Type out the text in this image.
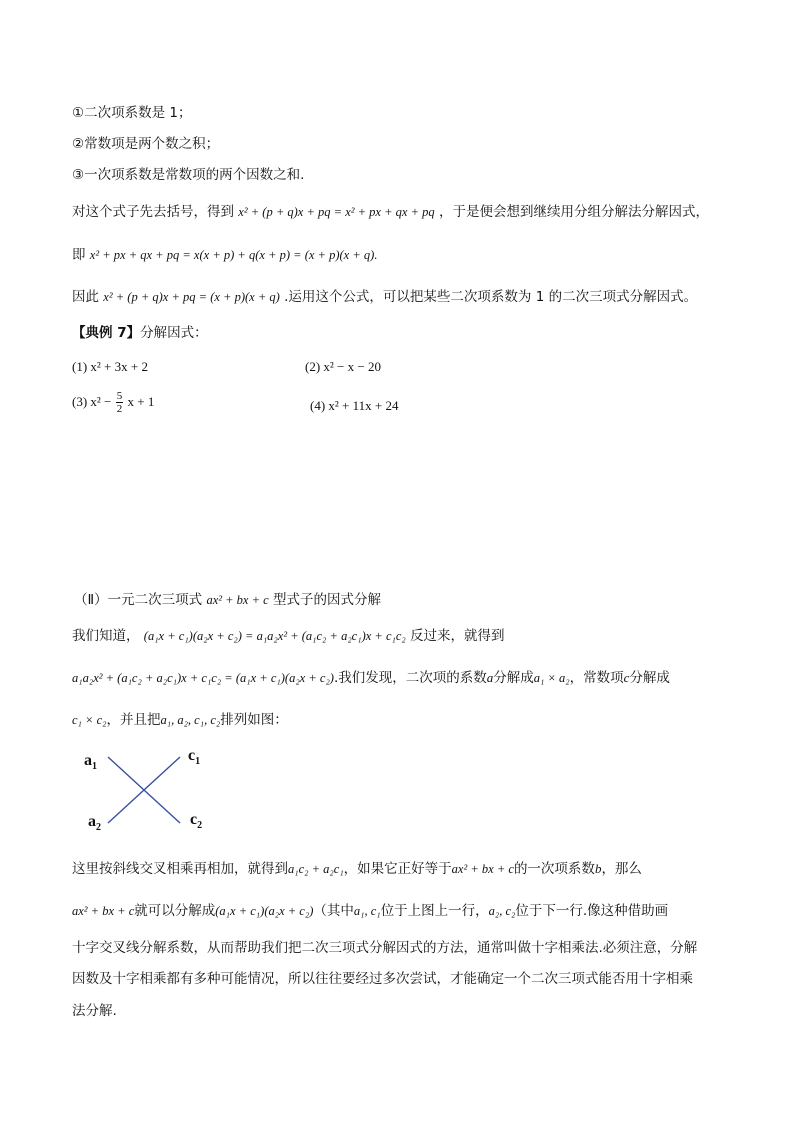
①二次项系数是 1；
②常数项是两个数之积；
③一次项系数是常数项的两个因数之和.
对这个式子先去括号，得到 x² + (p + q)x + pq = x² + px + qx + pq ，于是便会想到继续用分组分解法分解因式，
即 x² + px + qx + pq = x(x + p) + q(x + p) = (x + p)(x + q).
因此 x² + (p + q)x + pq = (x + p)(x + q) .运用这个公式，可以把某些二次项系数为 1 的二次三项式分解因式。
【典例 7】分解因式：
(1) x² + 3x + 2	(2) x² − x − 20
(3) $x^2 - \frac{5}{2}$ x + 1	(4) x² + 11x + 24
（Ⅱ）一元二次三项式 ax² + bx + c 型式子的因式分解
我们知道， (a₁x + c₁)(a₂x + c₂) = a₁a₂x² + (a₁c₂ + a₂c₁)x + c₁c₂ 反过来，就得到
a₁a₂x² + (a₁c₂ + a₂c₁)x + c₁c₂ = (a₁x + c₁)(a₂x + c₂).我们发现，二次项的系数a分解成a₁ × a₂，常数项c分解成
c₁ × c₂，并且把a₁, a₂, c₁, c₂排列如图：
$a_1$
$c_1$
$a_2$	$c_2$
这里按斜线交叉相乘再相加，就得到a₁c₂ + a₂c₁，如果它正好等于ax² + bx + c的一次项系数b，那么
ax² + bx + c就可以分解成(a₁x + c₁)(a₂x + c₂)（其中a₁, c₁位于上图上一行，a₂, c₂位于下一行.像这种借助画
十字交叉线分解系数，从而帮助我们把二次三项式分解因式的方法，通常叫做十字相乘法.必须注意，分解
因数及十字相乘都有多种可能情况，所以往往要经过多次尝试，才能确定一个二次三项式能否用十字相乘
法分解.
